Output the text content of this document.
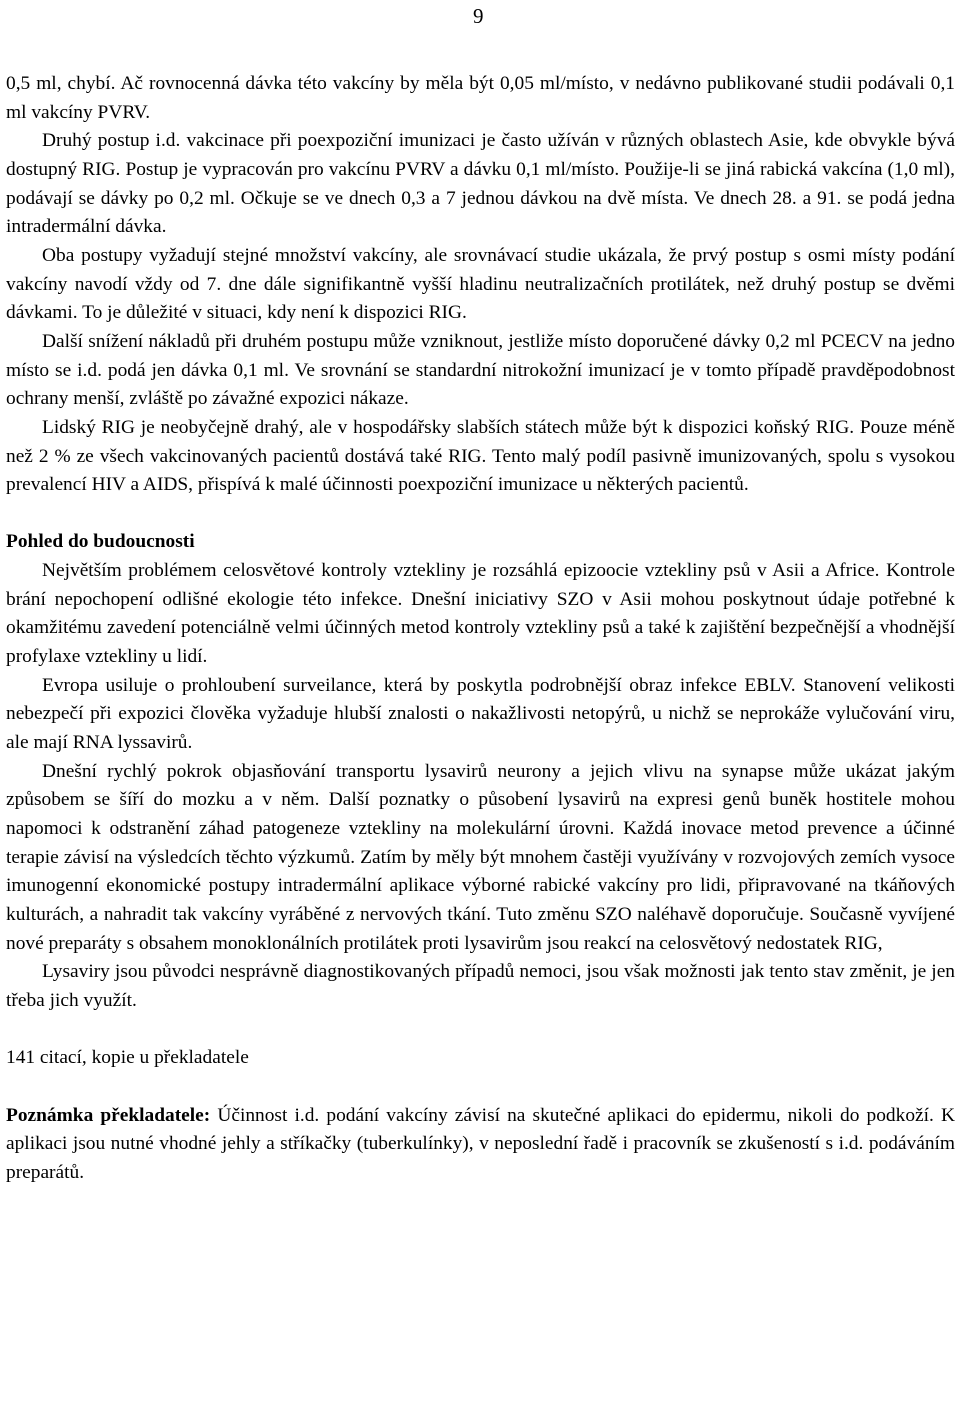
9

0,5 ml, chybí. Ač rovnocenná dávka této vakcíny by měla být 0,05 ml/místo, v nedávno publikované studii podávali 0,1 ml vakcíny PVRV.

Druhý postup i.d. vakcinace při poexpoziční imunizaci je často užíván v různých oblastech Asie, kde obvykle bývá dostupný RIG. Postup je vypracován pro vakcínu PVRV a dávku 0,1 ml/místo. Použije-li se jiná rabická vakcína (1,0 ml), podávají se dávky po 0,2 ml. Očkuje se ve dnech 0,3 a 7 jednou dávkou na dvě místa. Ve dnech 28. a 91. se podá jedna intradermální dávka.

Oba postupy vyžadují stejné množství vakcíny, ale srovnávací studie ukázala, že prvý postup s osmi místy podání vakcíny navodí vždy od 7. dne dále signifikantně vyšší hladinu neutralizačních protilátek, než druhý postup se dvěmi dávkami. To je důležité v situaci, kdy není k dispozici RIG.

Další snížení nákladů při druhém postupu může vzniknout, jestliže místo doporučené dávky 0,2 ml PCECV na jedno místo se i.d. podá jen dávka 0,1 ml. Ve srovnání se standardní nitrokožní imunizací je v tomto případě pravděpodobnost ochrany menší, zvláště po závažné expozici nákaze.

Lidský RIG je neobyčejně drahý, ale v hospodářsky slabších státech může být k dispozici koňský RIG. Pouze méně než 2 % ze všech vakcinovaných pacientů dostává také RIG. Tento malý podíl pasivně imunizovaných, spolu s vysokou prevalencí HIV a AIDS, přispívá k malé účinnosti poexpoziční imunizace u některých pacientů.

Pohled do budoucnosti

Největším problémem celosvětové kontroly vztekliny je rozsáhlá epizoocie vztekliny psů v Asii a Africe. Kontrole brání nepochopení odlišné ekologie této infekce. Dnešní iniciativy SZO v Asii mohou poskytnout údaje potřebné k okamžitému zavedení potenciálně velmi účinných metod kontroly vztekliny psů a také k zajištění bezpečnější a vhodnější profylaxe vztekliny u lidí.

Evropa usiluje o prohloubení surveilance, která by poskytla podrobnější obraz infekce EBLV. Stanovení velikosti nebezpečí při expozici člověka vyžaduje hlubší znalosti o nakažlivosti netopýrů, u nichž se neprokáže vylučování viru, ale mají RNA lyssavirů.

Dnešní rychlý pokrok objasňování transportu lysavirů neurony a jejich vlivu na synapse může ukázat jakým způsobem se šíří do mozku a v něm. Další poznatky o působení lysavirů na expresi genů buněk hostitele mohou napomoci k odstranění záhad patogeneze vztekliny na molekulární úrovni. Každá inovace metod prevence a účinné terapie závisí na výsledcích těchto výzkumů. Zatím by měly být mnohem častěji využívány v rozvojových zemích vysoce imunogenní ekonomické postupy intradermální aplikace výborné rabické vakcíny pro lidi, připravované na tkáňových kulturách, a nahradit tak vakcíny vyráběné z nervových tkání. Tuto změnu SZO naléhavě doporučuje. Současně vyvíjené nové preparáty s obsahem monoklonálních protilátek proti lysavirům jsou reakcí na celosvětový nedostatek RIG,

Lysaviry jsou původci nesprávně diagnostikovaných případů nemoci, jsou však možnosti jak tento stav změnit, je jen třeba jich využít.

141 citací, kopie u překladatele

Poznámka překladatele: Účinnost i.d. podání vakcíny závisí na skutečné aplikaci do epidermu, nikoli do podkoží. K aplikaci jsou nutné vhodné jehly a stříkačky (tuberkulínky), v neposlední řadě i pracovník se zkušeností s i.d. podáváním preparátů.
